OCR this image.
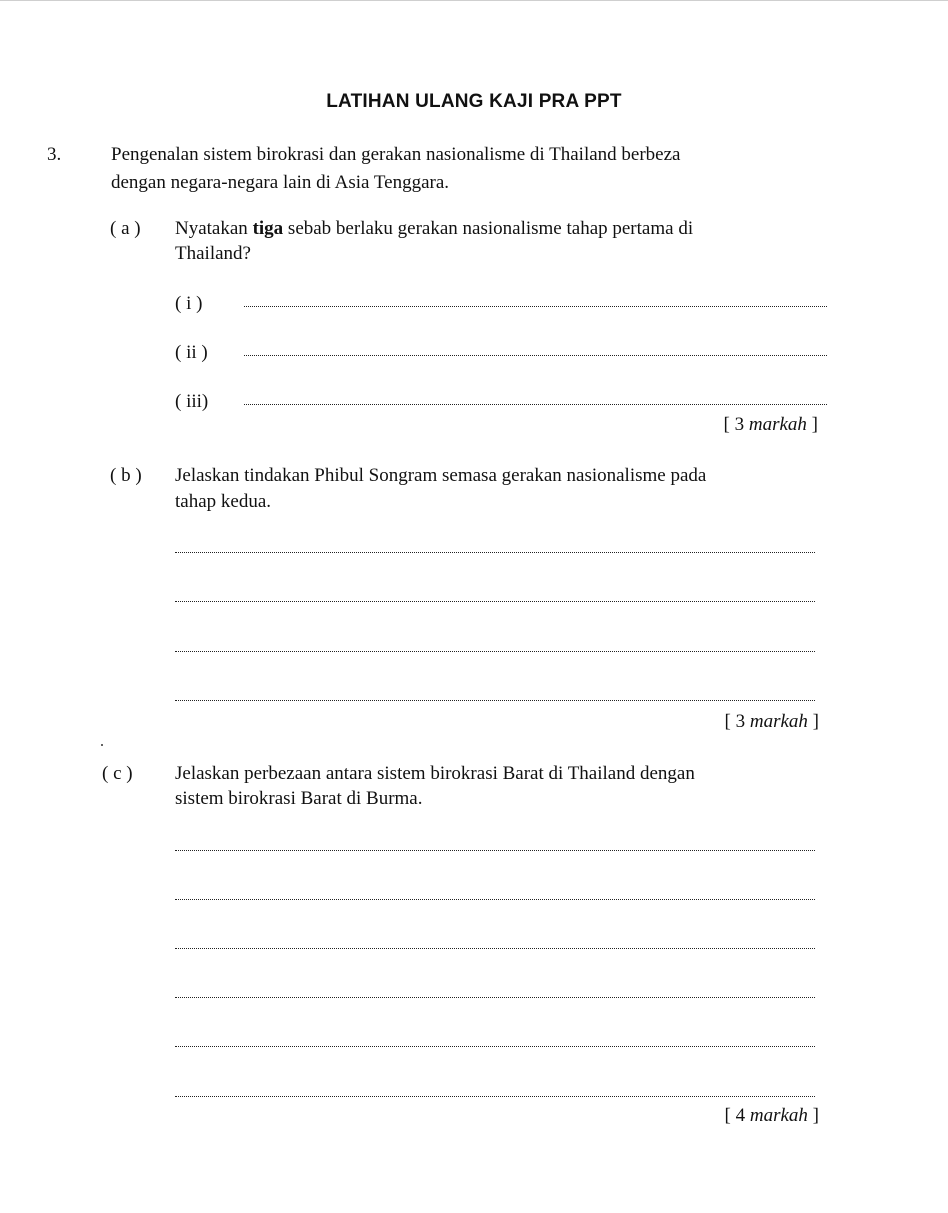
LATIHAN ULANG KAJI PRA PPT
3.	Pengenalan sistem birokrasi dan gerakan nasionalisme di Thailand berbeza
dengan negara-negara lain di Asia Tenggara.
( a ) Nyatakan tiga sebab berlaku gerakan nasionalisme tahap pertama di
Thailand?
( i )
( ii )
( iii)
[ 3 markah ]
( b ) Jelaskan tindakan Phibul Songram semasa gerakan nasionalisme pada
tahap kedua.
[ 3 markah ]
( c ) Jelaskan perbezaan antara sistem birokrasi Barat di Thailand dengan
sistem birokrasi Barat di Burma.
[ 4 markah ]
